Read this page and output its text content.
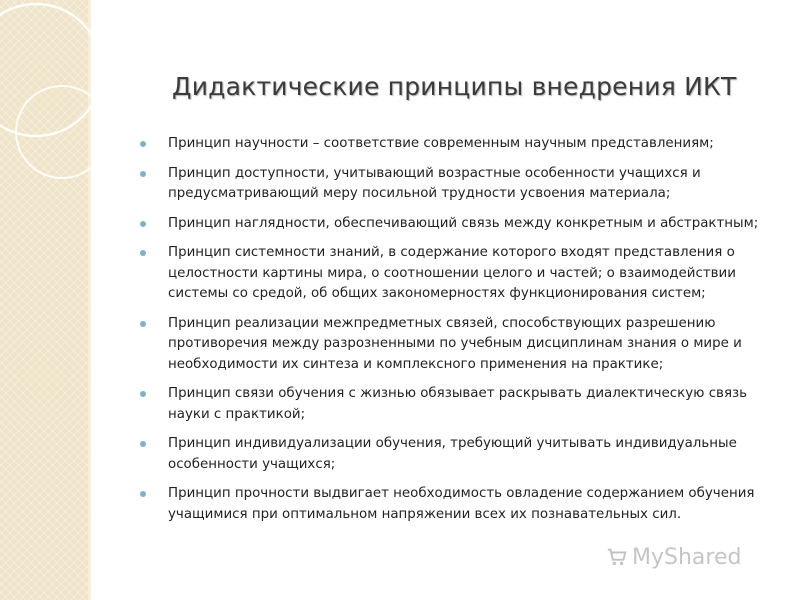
Дидактические принципы внедрения ИКТ
Принцип научности – соответствие современным научным представлениям;
Принцип доступности, учитывающий возрастные особенности учащихся и предусматривающий меру посильной трудности усвоения материала;
Принцип наглядности, обеспечивающий связь между конкретным и абстрактным;
Принцип системности знаний, в содержание которого входят представления о целостности картины мира, о соотношении целого и частей; о взаимодействии системы со средой, об общих закономерностях функционирования систем;
Принцип реализации межпредметных связей, способствующих разрешению противоречия между разрозненными по учебным дисциплинам знания о мире и необходимости их синтеза и комплексного применения на практике;
Принцип связи обучения с жизнью обязывает раскрывать диалектическую связь науки с практикой;
Принцип индивидуализации обучения, требующий учитывать индивидуальные особенности учащихся;
Принцип прочности выдвигает необходимость овладение содержанием обучения учащимися при оптимальном напряжении всех их познавательных сил.
MyShared
